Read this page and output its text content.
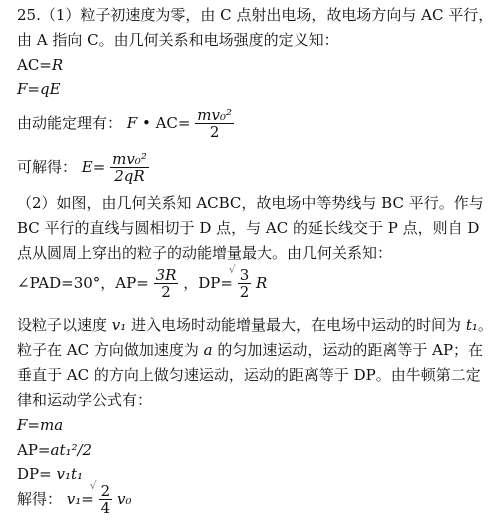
25.（1）粒子初速度为零，由 C 点射出电场，故电场方向与 AC 平行，
由 A 指向 C。由几何关系和电场强度的定义知：
AC=R
F=qE
由动能定理有： F • $AC= \frac{\text{mv₀²}}{2}$
可解得： $E= \frac{\text{mv₀²}}{2qR}$
（2）如图，由几何关系知 ACBC，故电场中等势线与 BC 平行。作与
BC 平行的直线与圆相切于 D 点，与 AC 的延长线交于 P 点，则自 D
点从圆周上穿出的粒子的动能增量最大。由几何关系知：
∠PAD=30°，$AP= \frac{3R}{2}$ ，DP=
√ 3
2 R
设粒子以速度 v₁ 进入电场时动能增量最大，在电场中运动的时间为 t₁。
粒子在 AC 方向做加速度为 a 的匀加速运动，运动的距离等于 AP；在
垂直于 AC 的方向上做匀速运动，运动的距离等于 DP。由牛顿第二定
律和运动学公式有：
F=ma
AP=at₁²/2
DP= v₁t₁
解得： v₁=
√ 2
4 v₀
